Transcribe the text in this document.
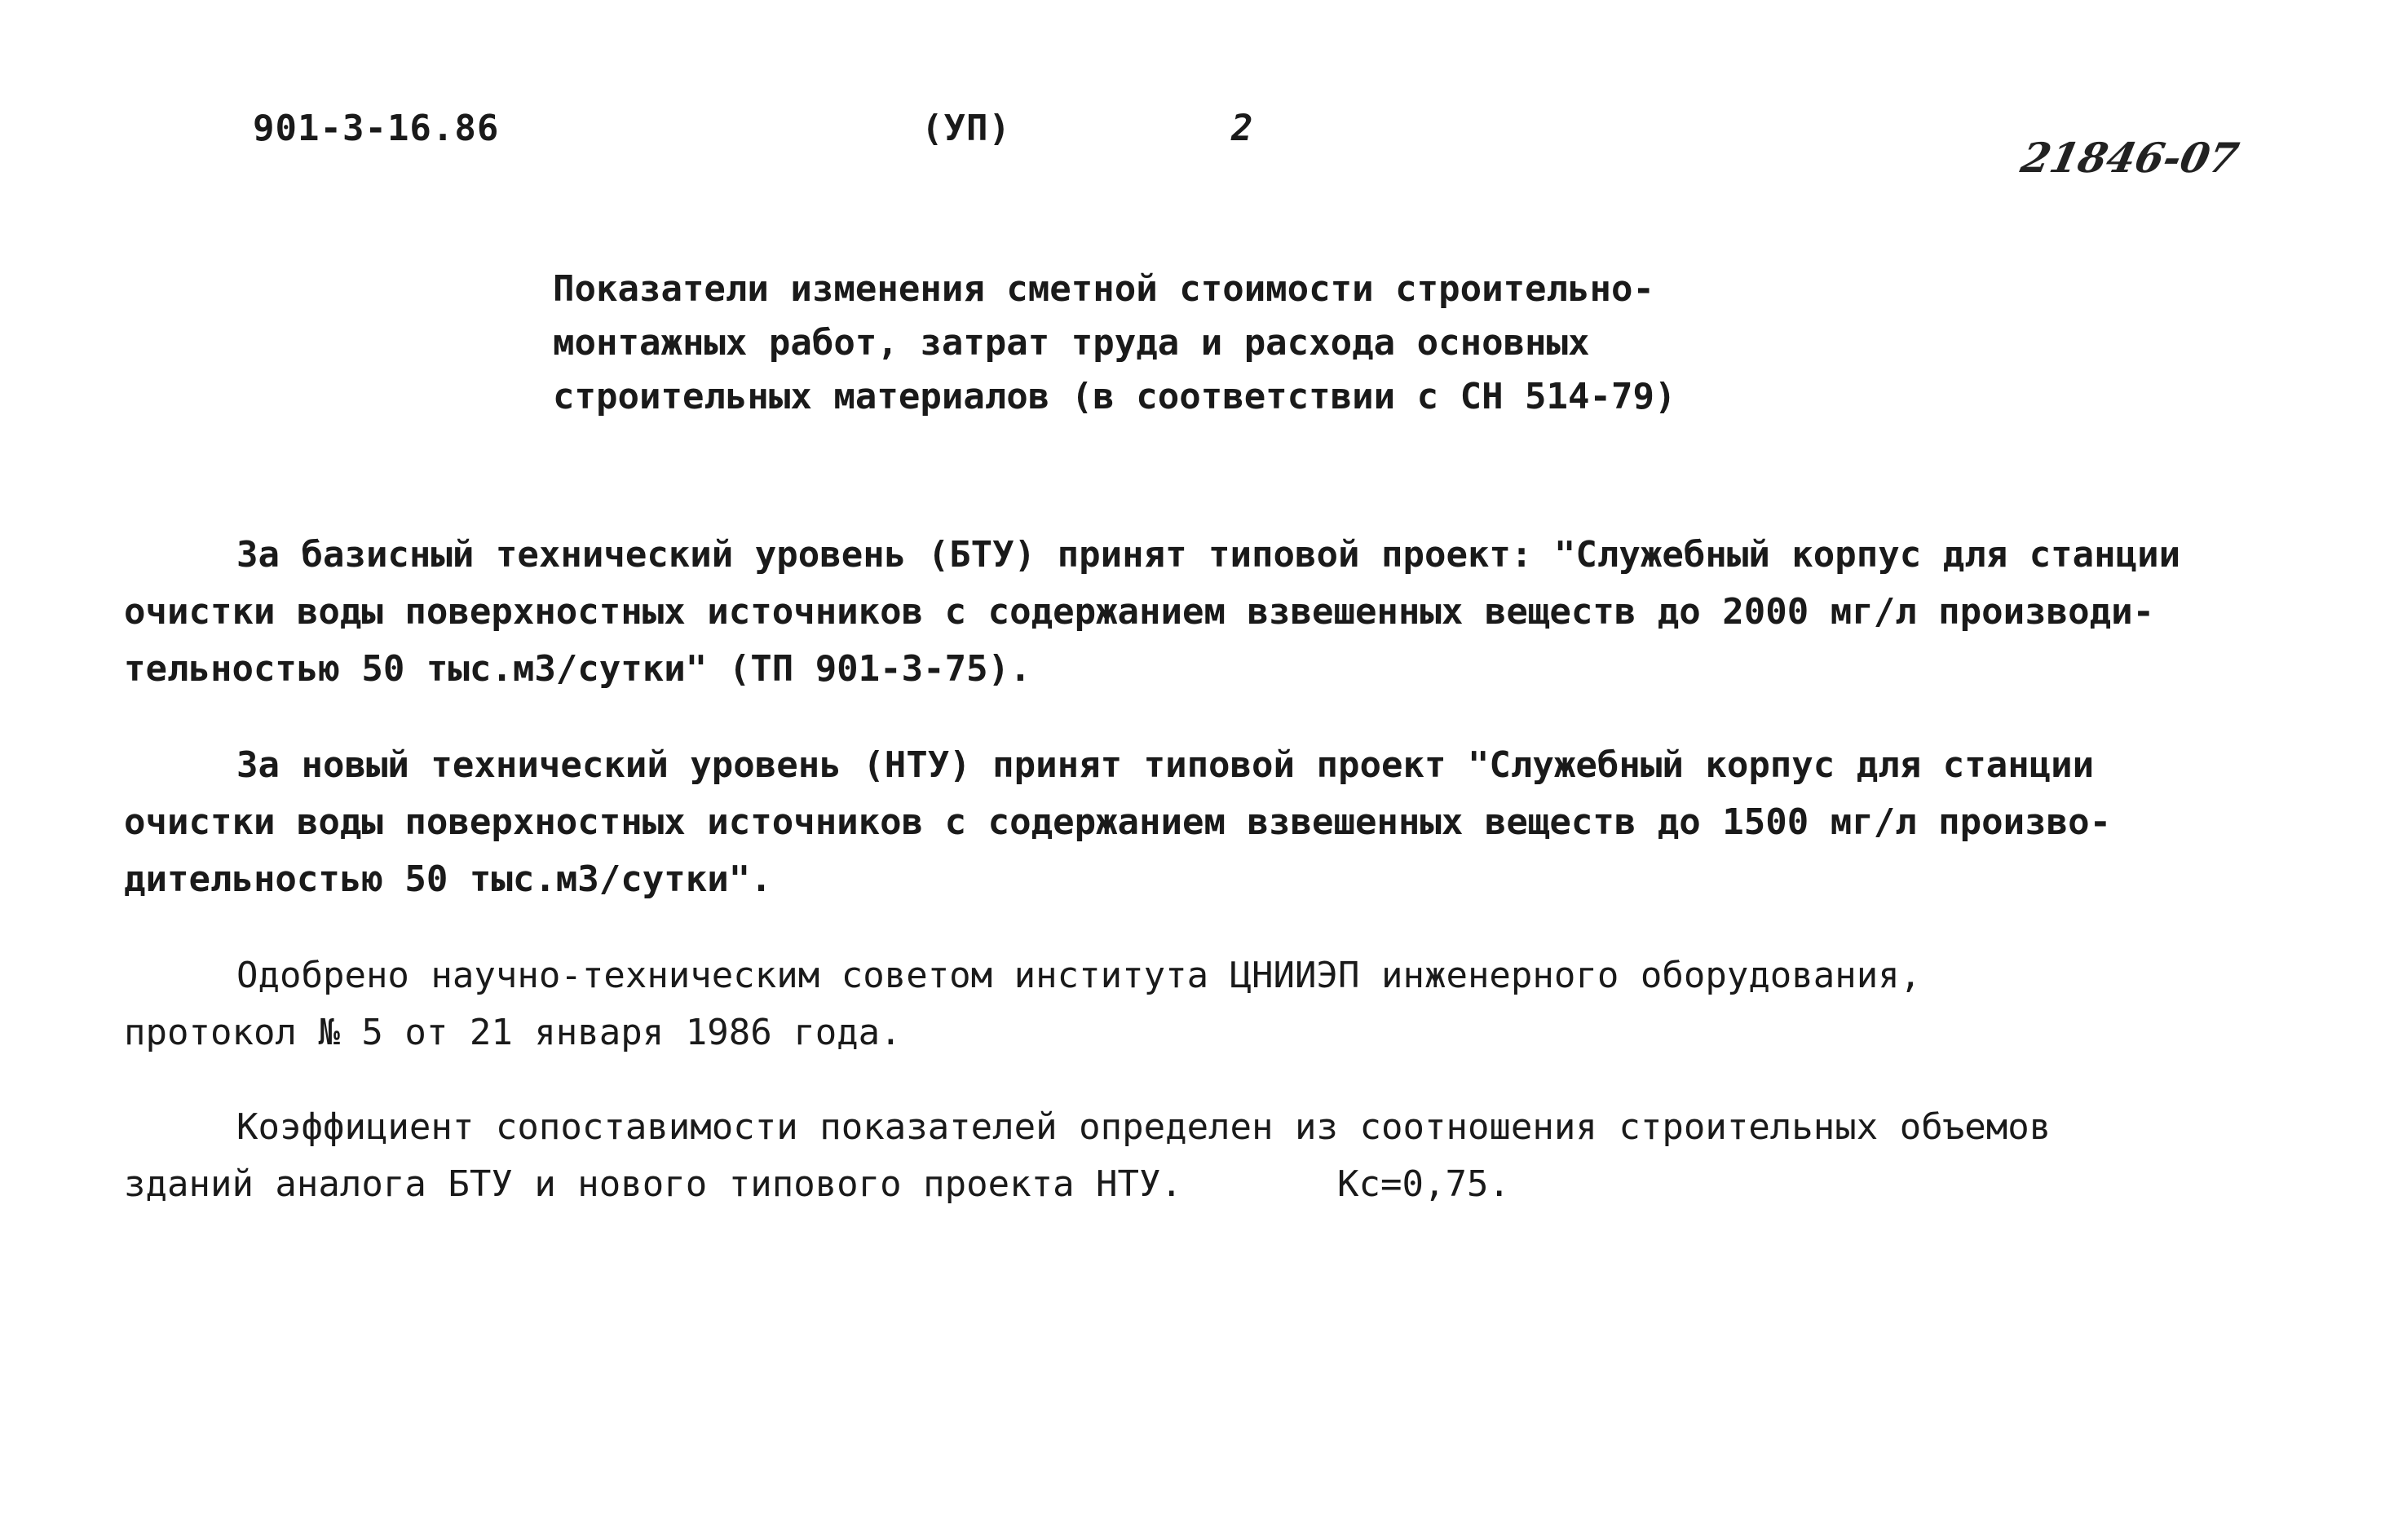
901-3-16.86	(УП)	2
21846-07
Показатели изменения сметной стоимости строительно-
монтажных работ, затрат труда и расхода основных
строительных материалов (в соответствии с СН 514-79)
За базисный технический уровень (БТУ) принят типовой проект: "Служебный корпус для станции
очистки воды поверхностных источников с содержанием взвешенных веществ до 2000 мг/л производи-
тельностью 50 тыс.м3/сутки" (ТП 901-3-75).
За новый технический уровень (НТУ) принят типовой проект "Служебный корпус для станции
очистки воды поверхностных источников с содержанием взвешенных веществ до 1500 мг/л произво-
дительностью 50 тыс.м3/сутки".
Одобрено научно-техническим советом института ЦНИИЭП инженерного оборудования,
протокол № 5 от 21 января 1986 года.
Коэффициент сопоставимости показателей определен из соотношения строительных объемов
зданий аналога БТУ и нового типового проекта НТУ.	Кс=0,75.
